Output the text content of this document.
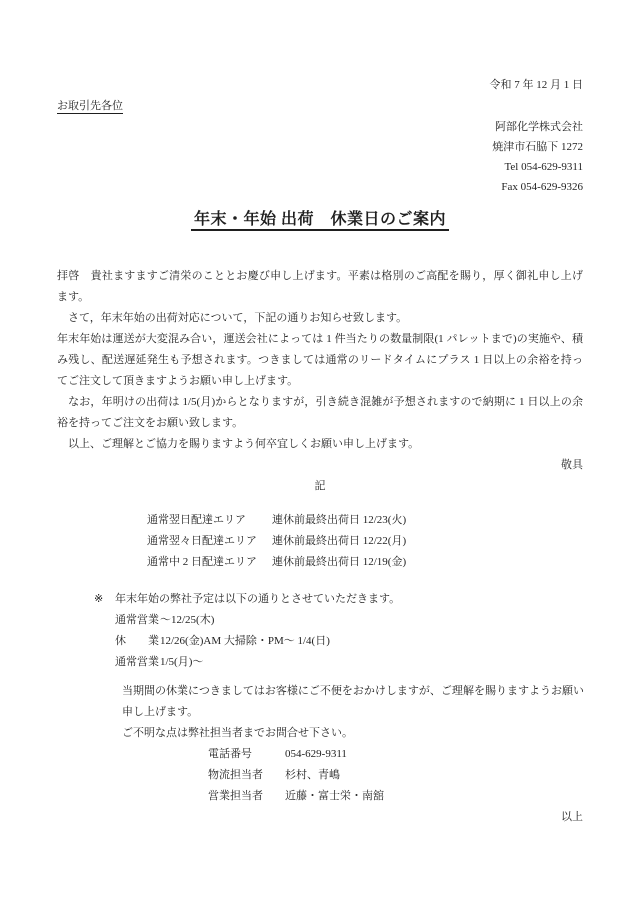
令和 7 年 12 月 1 日
お取引先各位
阿部化学株式会社
焼津市石脇下 1272
Tel 054-629-9311
Fax 054-629-9326
年末・年始 出荷　休業日のご案内

拝啓　貴社ますますご清栄のこととお慶び申し上げます。平素は格別のご高配を賜り，厚く御礼申し上げます。

　さて，年末年始の出荷対応について，下記の通りお知らせ致します。

年末年始は運送が大変混み合い，運送会社によっては 1 件当たりの数量制限(1 パレットまで)の実施や、積み残し、配送遅延発生も予想されます。つきましては通常のリードタイムにプラス 1 日以上の余裕を持ってご注文して頂きますようお願い申し上げます。

　なお，年明けの出荷は 1/5(月)からとなりますが，引き続き混雑が予想されますので納期に 1 日以上の余裕を持ってご注文をお願い致します。

　以上、ご理解とご協力を賜りますよう何卒宜しくお願い申し上げます。

敬具
記
通常翌日配達エリア	連休前最終出荷日 12/23(火)
通常翌々日配達エリア	連休前最終出荷日 12/22(月)
通常中 2 日配達エリア	連休前最終出荷日 12/19(金)
※	年末年始の弊社予定は以下の通りとさせていただきます。
通常営業 ～12/25(木)
休　　業 12/26(金)AM 大掃除・PM～ 1/4(日)
通常営業 1/5(月)～
当期間の休業につきましてはお客様にご不便をおかけしますが、ご理解を賜りますようお願い申し上げます。
ご不明な点は弊社担当者までお問合せ下さい。
電話番号	054-629-9311
物流担当者	杉村、青嶋
営業担当者	近藤・富士栄・南舘
以上
